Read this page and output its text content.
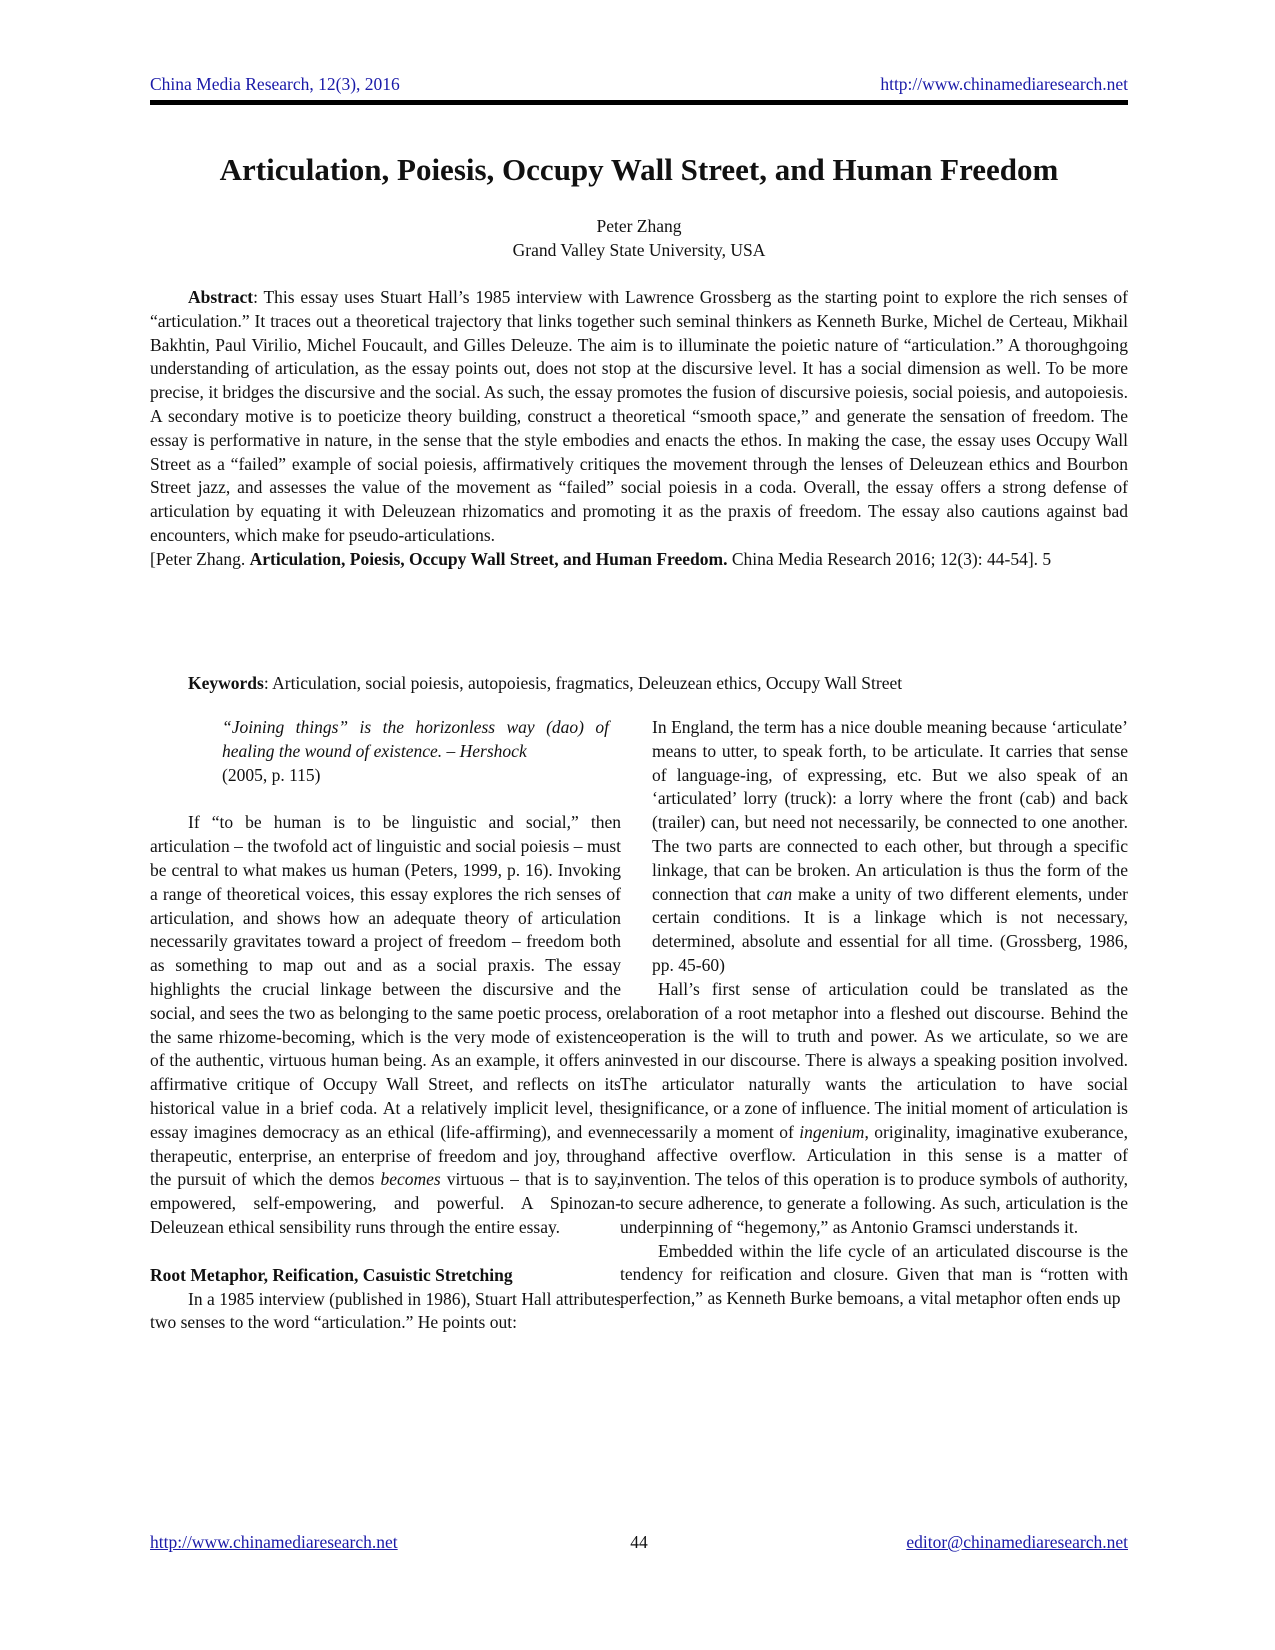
China Media Research, 12(3), 2016	http://www.chinamediaresearch.net
Articulation, Poiesis, Occupy Wall Street, and Human Freedom
Peter Zhang
Grand Valley State University, USA

Abstract: This essay uses Stuart Hall’s 1985 interview with Lawrence Grossberg as the starting point to explore the rich senses of “articulation.” It traces out a theoretical trajectory that links together such seminal thinkers as Kenneth Burke, Michel de Certeau, Mikhail Bakhtin, Paul Virilio, Michel Foucault, and Gilles Deleuze. The aim is to illuminate the poietic nature of “articulation.” A thoroughgoing understanding of articulation, as the essay points out, does not stop at the discursive level. It has a social dimension as well. To be more precise, it bridges the discursive and the social. As such, the essay promotes the fusion of discursive poiesis, social poiesis, and autopoiesis. A secondary motive is to poeticize theory building, construct a theoretical “smooth space,” and generate the sensation of freedom. The essay is performative in nature, in the sense that the style embodies and enacts the ethos. In making the case, the essay uses Occupy Wall Street as a “failed” example of social poiesis, affirmatively critiques the movement through the lenses of Deleuzean ethics and Bourbon Street jazz, and assesses the value of the movement as “failed” social poiesis in a coda. Overall, the essay offers a strong defense of articulation by equating it with Deleuzean rhizomatics and promoting it as the praxis of freedom. The essay also cautions against bad encounters, which make for pseudo-articulations.

[Peter Zhang. Articulation, Poiesis, Occupy Wall Street, and Human Freedom. China Media Research 2016; 12(3): 44-54]. 5

Keywords: Articulation, social poiesis, autopoiesis, fragmatics, Deleuzean ethics, Occupy Wall Street

“Joining things” is the horizonless way (dao) of healing the wound of existence. – Hershock
(2005, p. 115)

If “to be human is to be linguistic and social,” then articulation – the twofold act of linguistic and social poiesis – must be central to what makes us human (Peters, 1999, p. 16). Invoking a range of theoretical voices, this essay explores the rich senses of articulation, and shows how an adequate theory of articulation necessarily gravitates toward a project of freedom – freedom both as something to map out and as a social praxis. The essay highlights the crucial linkage between the discursive and the social, and sees the two as belonging to the same poetic process, or the same rhizome-becoming, which is the very mode of existence of the authentic, virtuous human being. As an example, it offers an affirmative critique of Occupy Wall Street, and reflects on its historical value in a brief coda. At a relatively implicit level, the essay imagines democracy as an ethical (life-affirming), and even therapeutic, enterprise, an enterprise of freedom and joy, through the pursuit of which the demos becomes virtuous – that is to say, empowered, self-empowering, and powerful. A Spinozan-Deleuzean ethical sensibility runs through the entire essay.

Root Metaphor, Reification, Casuistic Stretching

In a 1985 interview (published in 1986), Stuart Hall attributes two senses to the word “articulation.” He points out:

In England, the term has a nice double meaning because ‘articulate’ means to utter, to speak forth, to be articulate. It carries that sense of language-ing, of expressing, etc. But we also speak of an ‘articulated’ lorry (truck): a lorry where the front (cab) and back (trailer) can, but need not necessarily, be connected to one another. The two parts are connected to each other, but through a specific linkage, that can be broken. An articulation is thus the form of the connection that can make a unity of two different elements, under certain conditions. It is a linkage which is not necessary, determined, absolute and essential for all time. (Grossberg, 1986, pp. 45-60)

Hall’s first sense of articulation could be translated as the elaboration of a root metaphor into a fleshed out discourse. Behind the operation is the will to truth and power. As we articulate, so we are invested in our discourse. There is always a speaking position involved. The articulator naturally wants the articulation to have social significance, or a zone of influence. The initial moment of articulation is necessarily a moment of ingenium, originality, imaginative exuberance, and affective overflow. Articulation in this sense is a matter of invention. The telos of this operation is to produce symbols of authority, to secure adherence, to generate a following. As such, articulation is the underpinning of “hegemony,” as Antonio Gramsci understands it.

Embedded within the life cycle of an articulated discourse is the tendency for reification and closure. Given that man is “rotten with perfection,” as Kenneth Burke bemoans, a vital metaphor often ends up

http://www.chinamediaresearch.net	44	editor@chinamediaresearch.net
